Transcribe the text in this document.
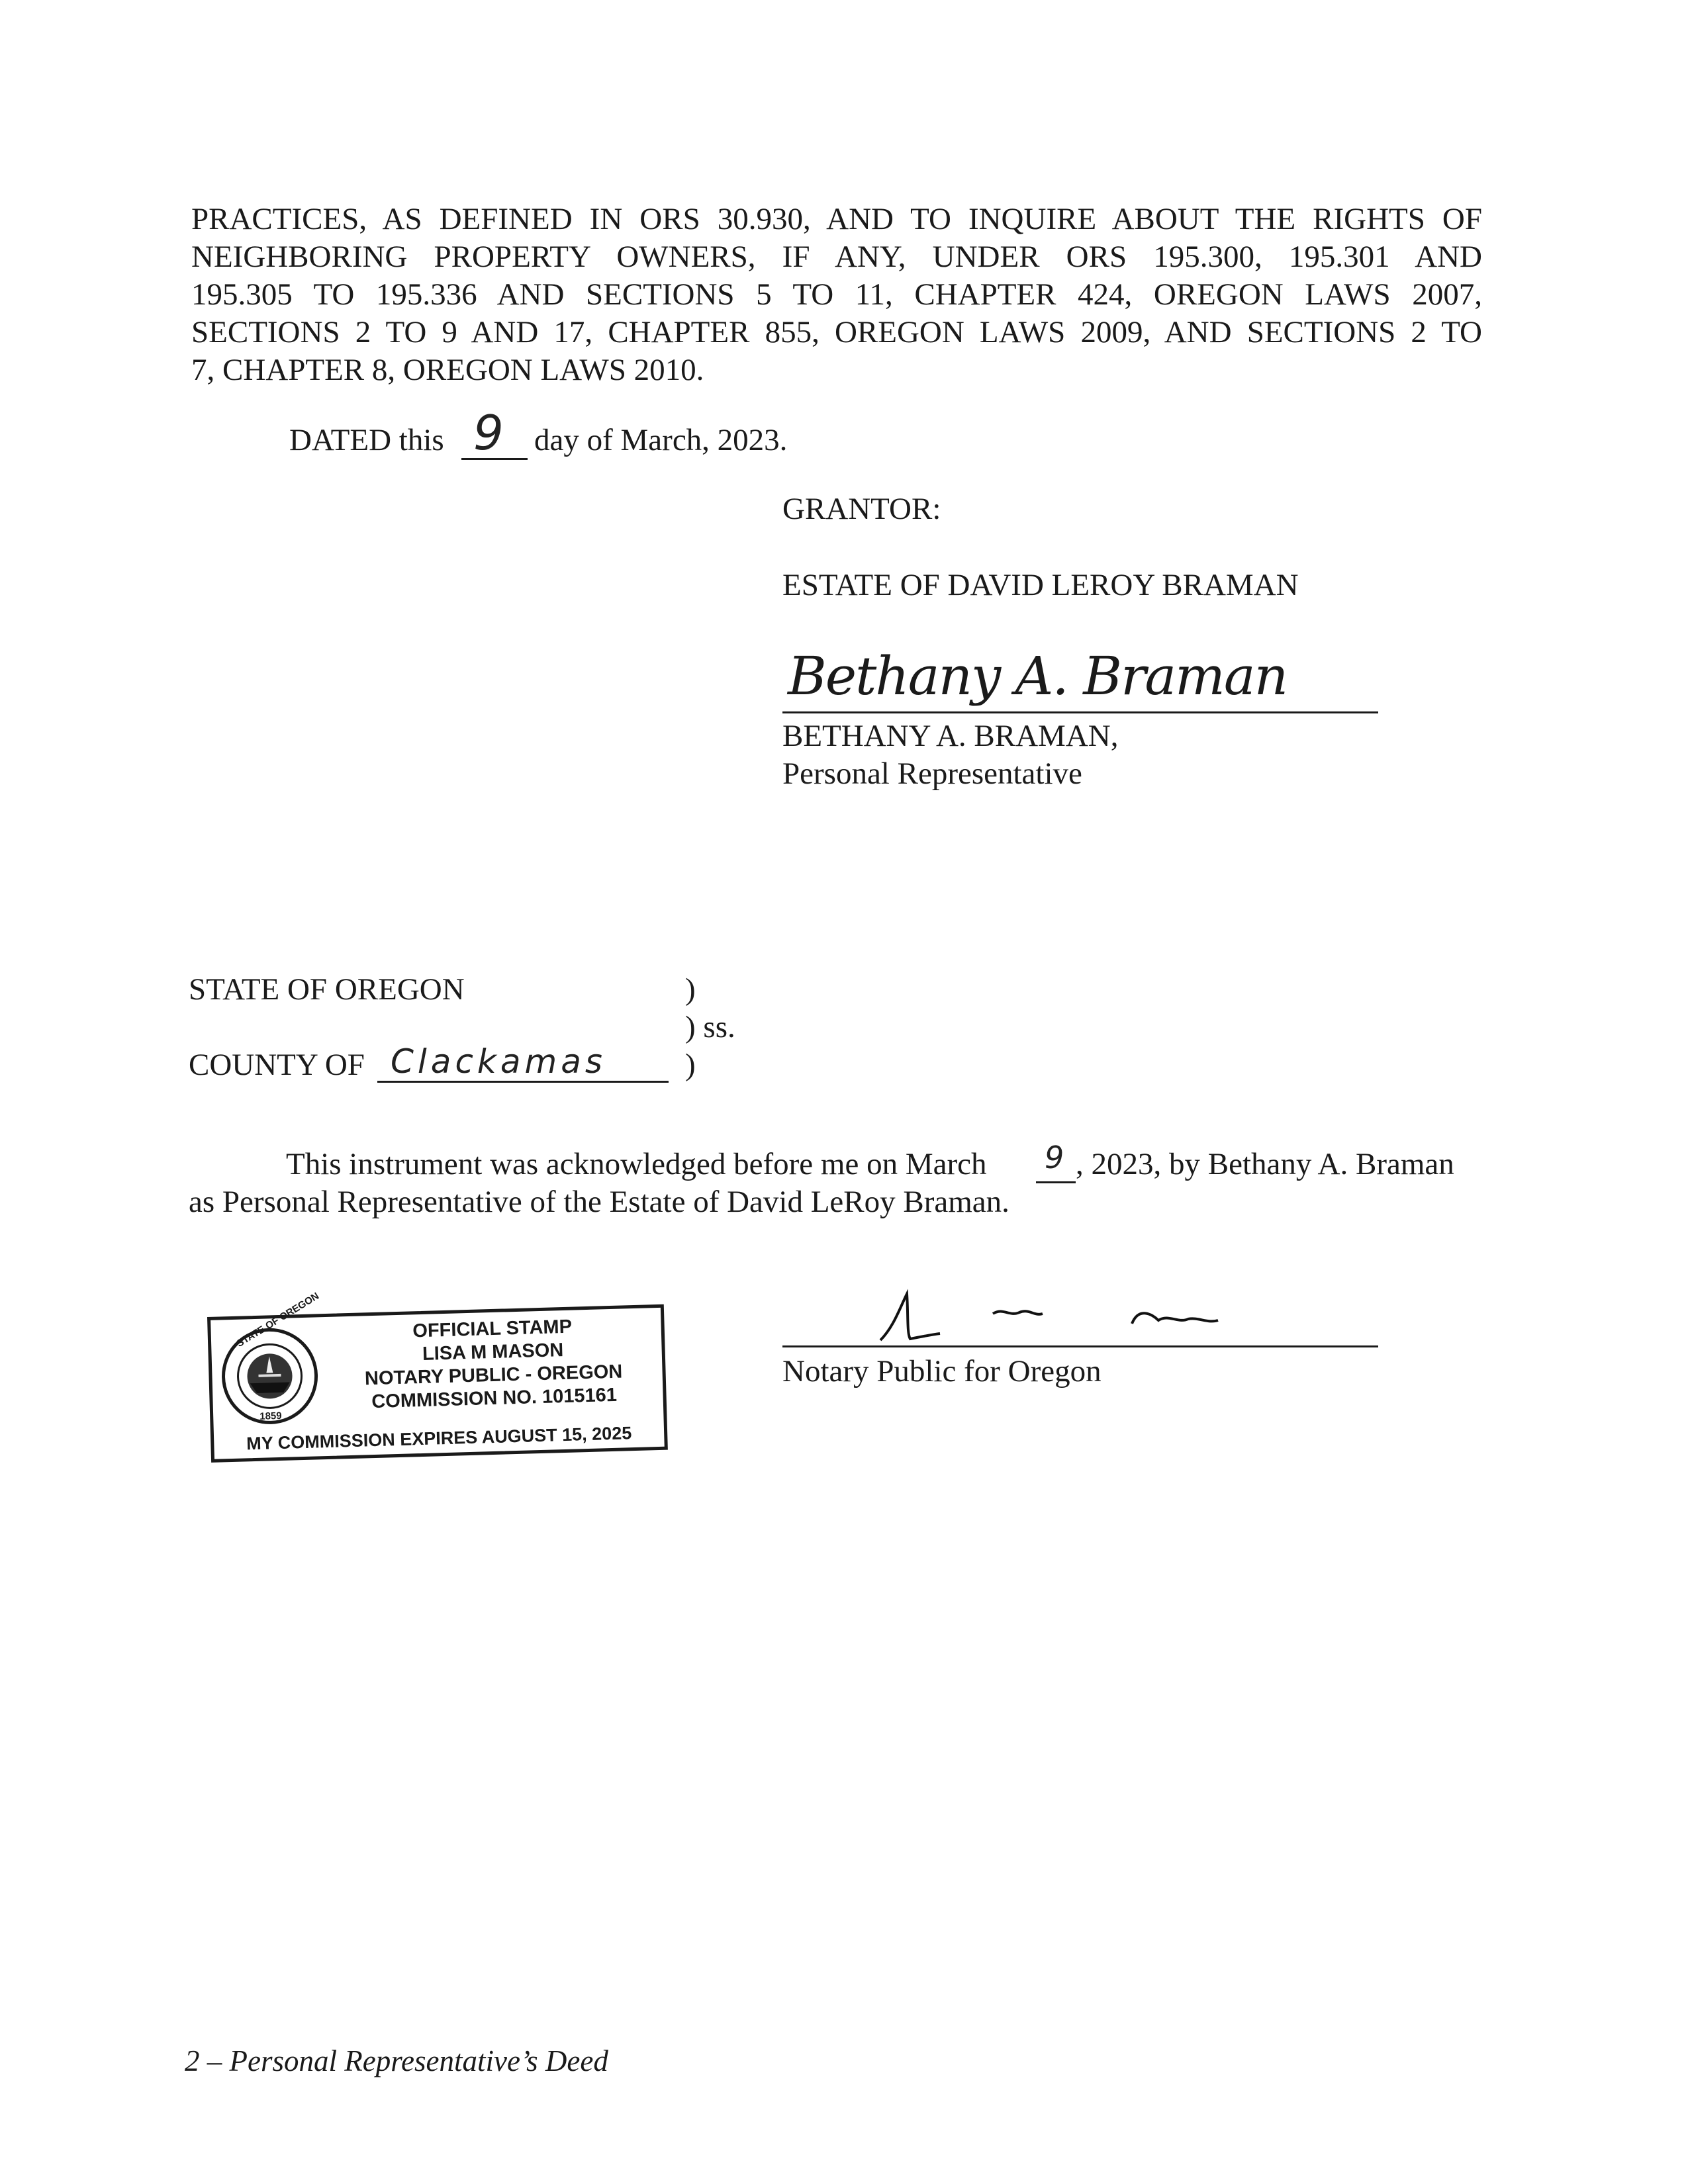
PRACTICES, AS DEFINED IN ORS 30.930, AND TO INQUIRE ABOUT THE RIGHTS OF
NEIGHBORING PROPERTY OWNERS, IF ANY, UNDER ORS 195.300, 195.301 AND
195.305 TO 195.336 AND SECTIONS 5 TO 11, CHAPTER 424, OREGON LAWS 2007,
SECTIONS 2 TO 9 AND 17, CHAPTER 855, OREGON LAWS 2009, AND SECTIONS 2 TO
7, CHAPTER 8, OREGON LAWS 2010.
DATED this 9 day of March, 2023.
GRANTOR:
ESTATE OF DAVID LEROY BRAMAN
Bethany A. Braman
BETHANY A. BRAMAN,
Personal Representative
STATE OF OREGON	)
) ss.
COUNTY OF Clackamas	)
This instrument was acknowledged before me on March 9 , 2023, by Bethany A. Braman
as Personal Representative of the Estate of David LeRoy Braman.
STATE OF OREGON
1859
OFFICIAL STAMP
LISA M MASON
NOTARY PUBLIC - OREGON
COMMISSION NO. 1015161
MY COMMISSION EXPIRES AUGUST 15, 2025
Notary Public for Oregon
2 – Personal Representative’s Deed
